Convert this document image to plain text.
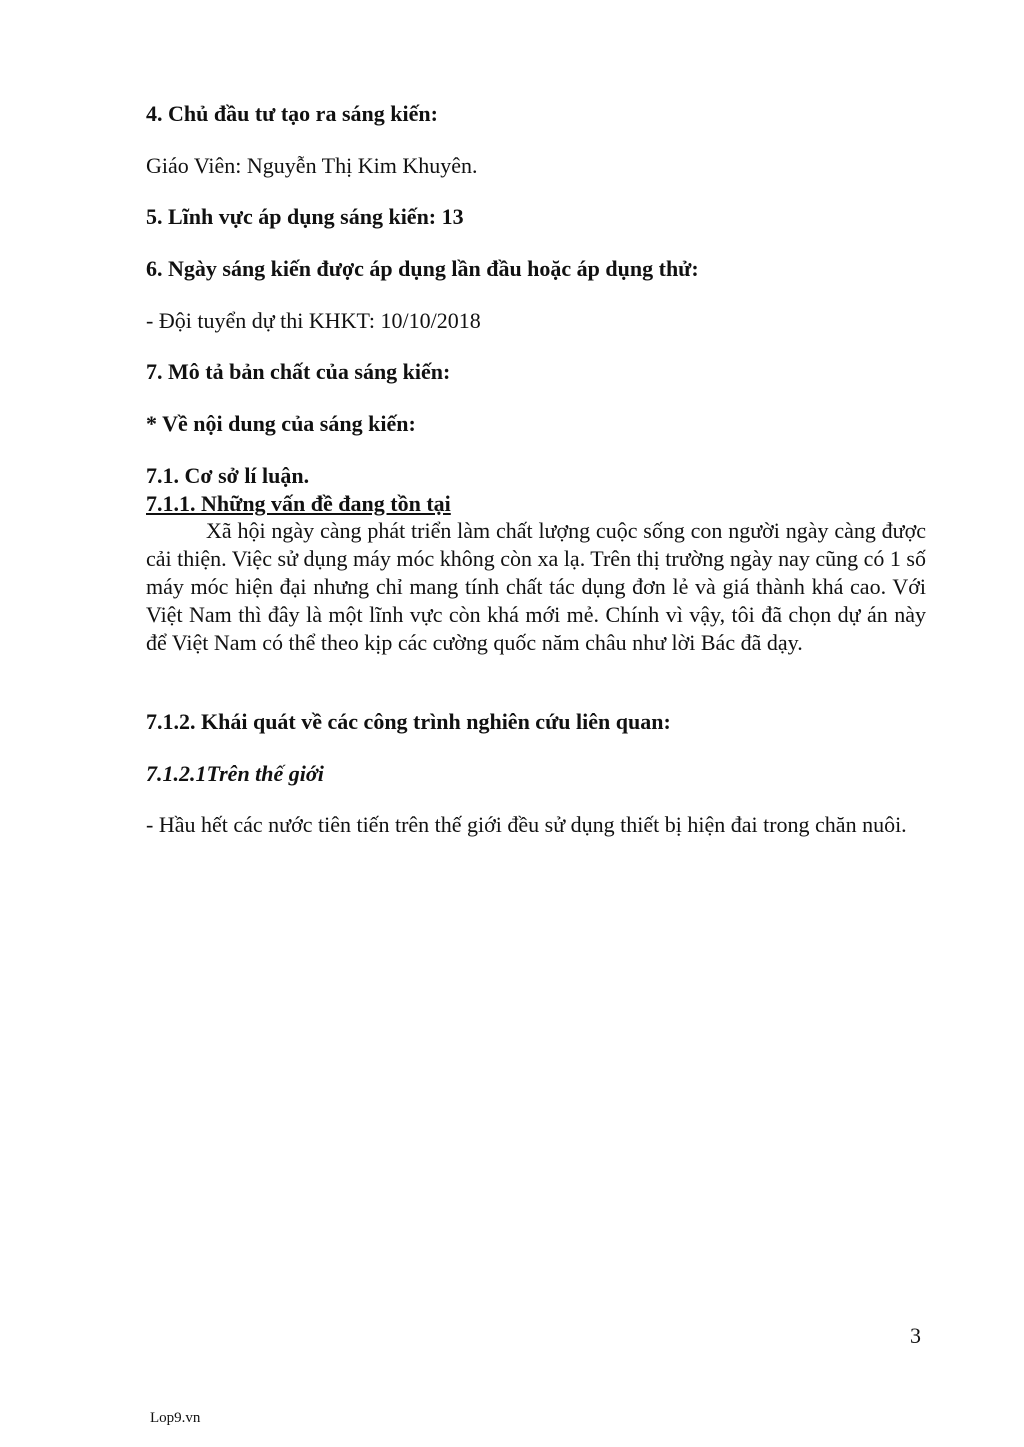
4. Chủ đầu tư tạo ra sáng kiến:
Giáo Viên: Nguyễn Thị Kim Khuyên.
5. Lĩnh vực áp dụng sáng kiến: 13
6. Ngày sáng kiến được áp dụng lần đầu hoặc áp dụng thử:
- Đội tuyển dự thi KHKT: 10/10/2018
7. Mô tả bản chất của sáng kiến:
* Về nội dung của sáng kiến:
7.1. Cơ sở lí luận.
7.1.1. Những vấn đề đang tồn tại
Xã hội ngày càng phát triển làm chất lượng cuộc sống con người ngày càng được cải thiện. Việc sử dụng máy móc không còn xa lạ. Trên thị trường ngày nay cũng có 1 số máy móc hiện đại nhưng chỉ mang tính chất tác dụng đơn lẻ và giá thành khá cao. Với Việt Nam thì đây là một lĩnh vực còn khá mới mẻ. Chính vì vậy, tôi đã chọn dự án này để Việt Nam có thể theo kịp các cường quốc năm châu như lời Bác đã dạy.
7.1.2. Khái quát về các công trình nghiên cứu liên quan:
7.1.2.1Trên thế giới
- Hầu hết các nước tiên tiến trên thế giới đều sử dụng thiết bị hiện đai trong chăn nuôi.
3
Lop9.vn
